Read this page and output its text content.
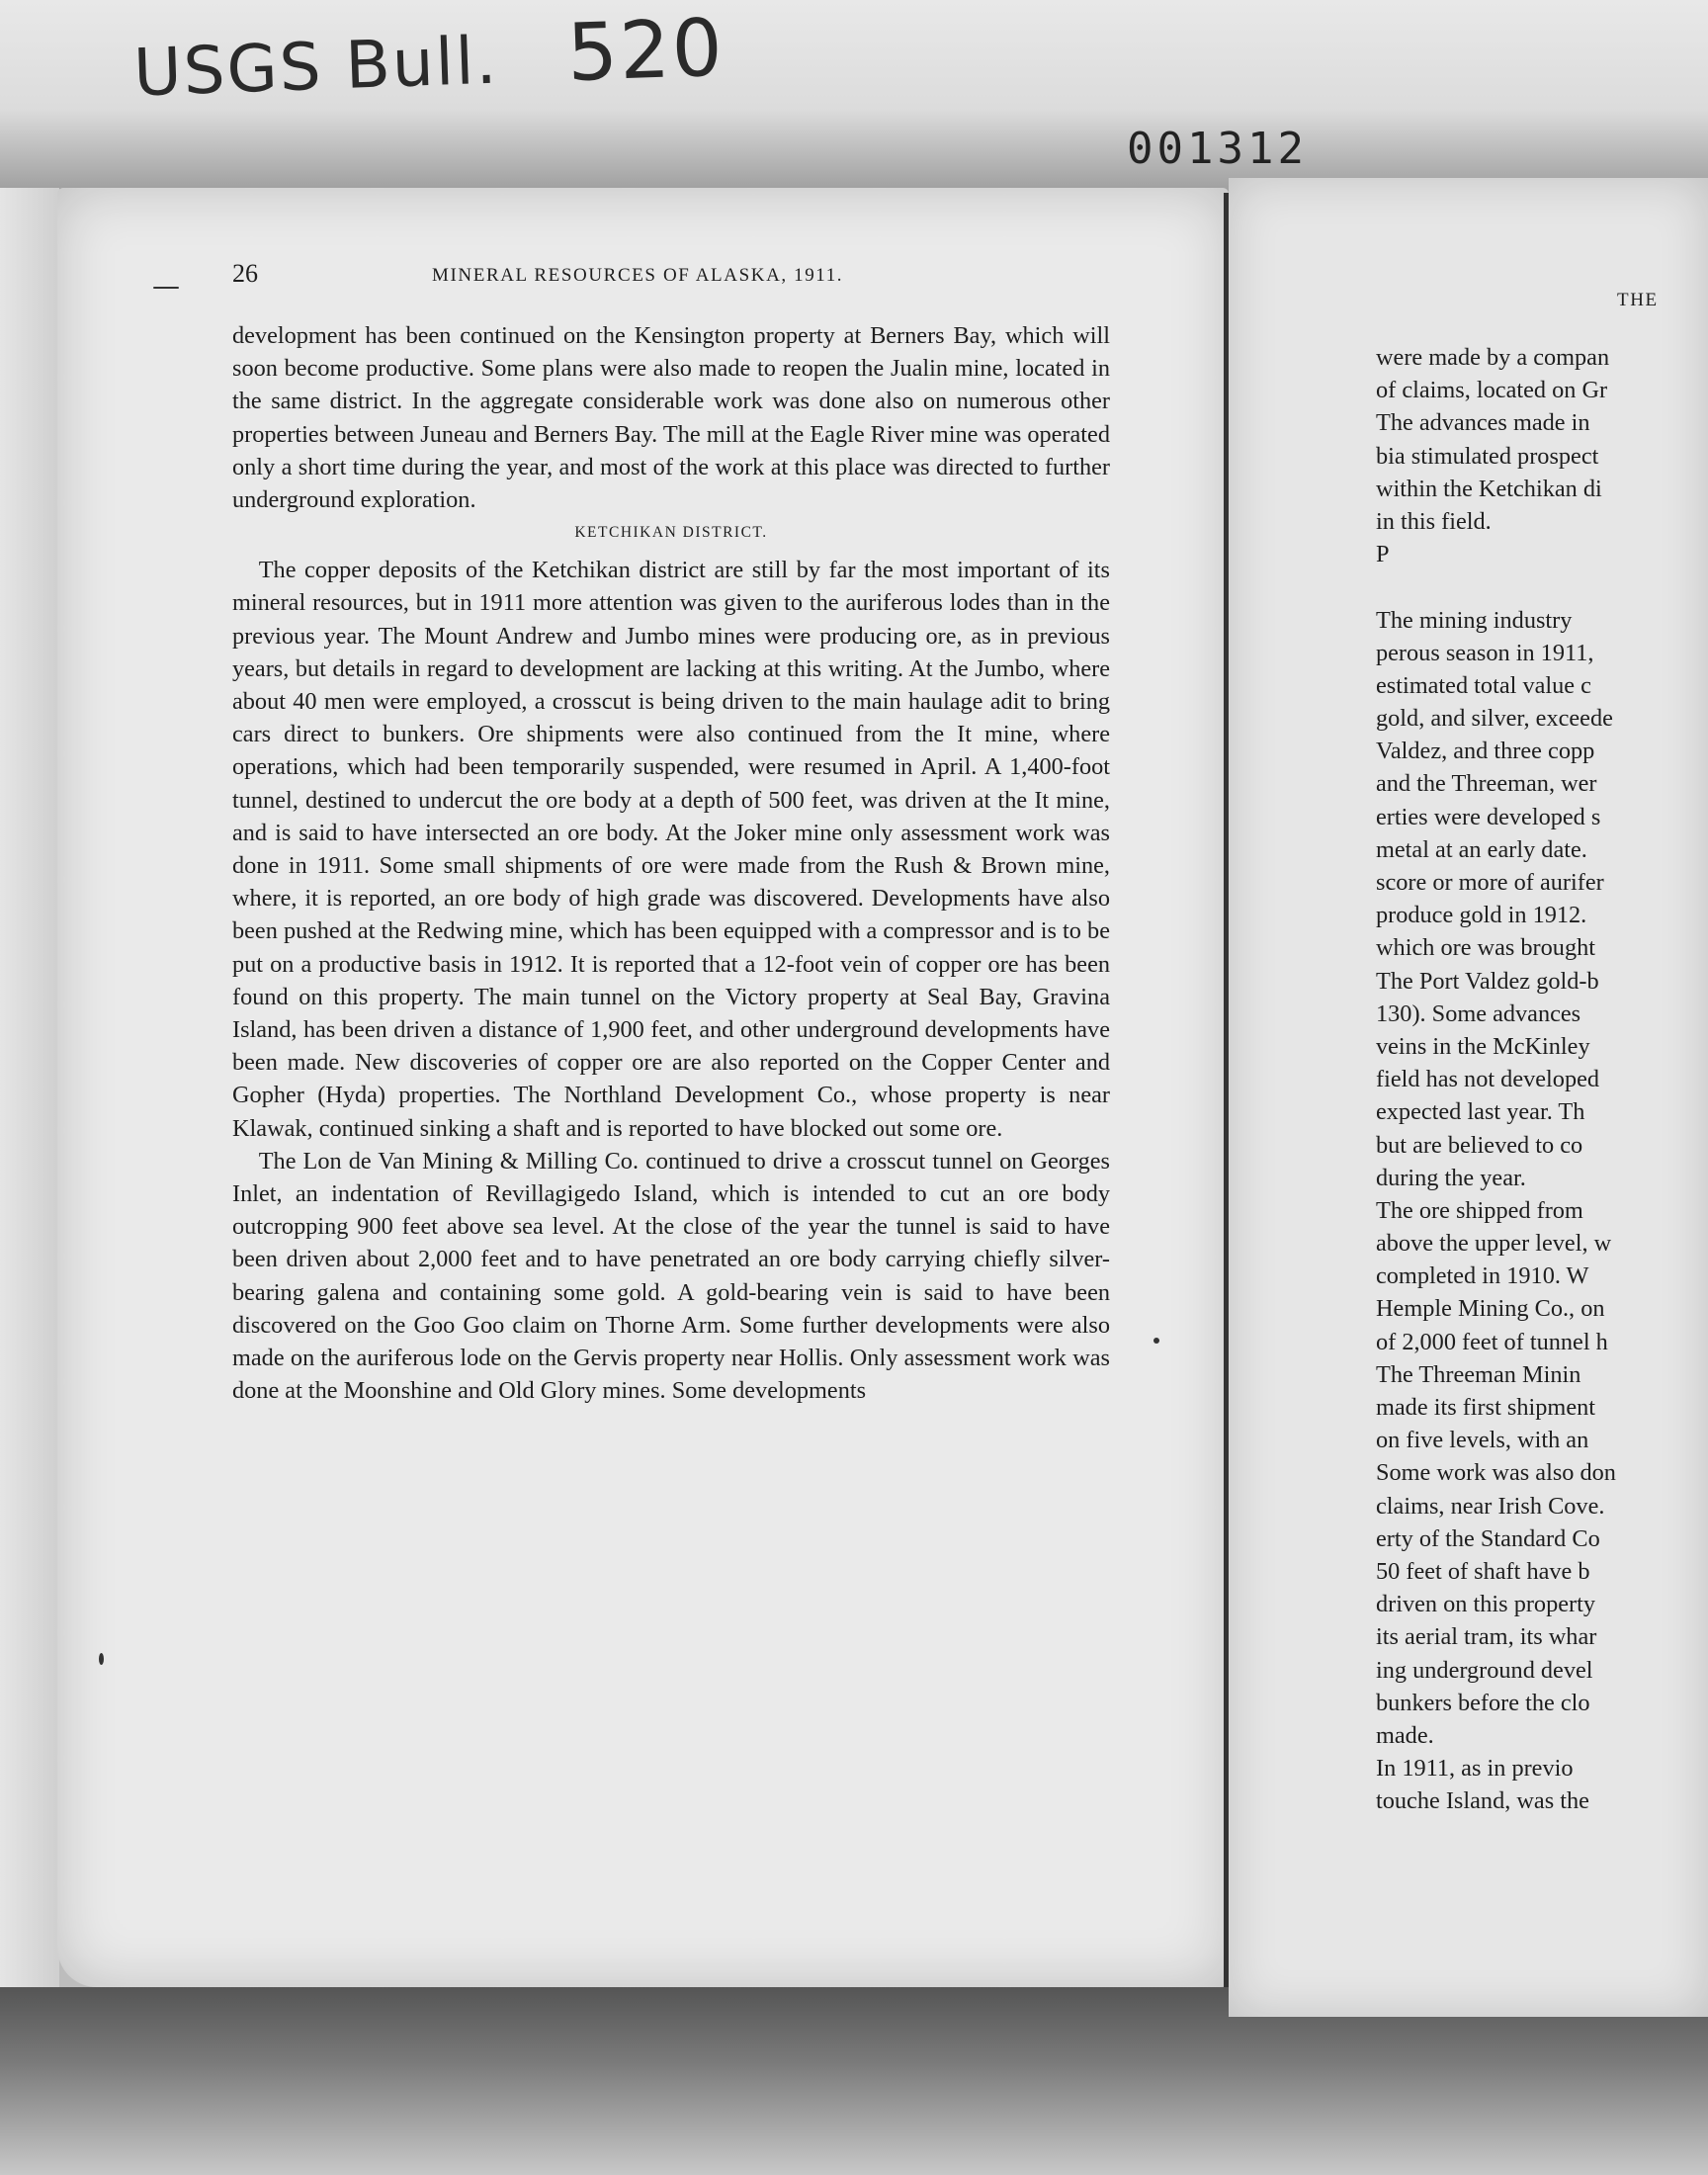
USGS Bull. 520
001312
26	MINERAL RESOURCES OF ALASKA, 1911.

development has been continued on the Kensington property at Berners Bay, which will soon become productive. Some plans were also made to reopen the Jualin mine, located in the same district. In the aggregate considerable work was done also on numerous other properties between Juneau and Berners Bay. The mill at the Eagle River mine was operated only a short time during the year, and most of the work at this place was directed to further underground exploration.

KETCHIKAN DISTRICT.

The copper deposits of the Ketchikan district are still by far the most important of its mineral resources, but in 1911 more attention was given to the auriferous lodes than in the previous year. The Mount Andrew and Jumbo mines were producing ore, as in previous years, but details in regard to development are lacking at this writing. At the Jumbo, where about 40 men were employed, a crosscut is being driven to the main haulage adit to bring cars direct to bunkers. Ore shipments were also continued from the It mine, where operations, which had been temporarily suspended, were resumed in April. A 1,400-foot tunnel, destined to undercut the ore body at a depth of 500 feet, was driven at the It mine, and is said to have intersected an ore body. At the Joker mine only assessment work was done in 1911. Some small shipments of ore were made from the Rush & Brown mine, where, it is reported, an ore body of high grade was discovered. Developments have also been pushed at the Redwing mine, which has been equipped with a compressor and is to be put on a productive basis in 1912. It is reported that a 12-foot vein of copper ore has been found on this property. The main tunnel on the Victory property at Seal Bay, Gravina Island, has been driven a distance of 1,900 feet, and other underground developments have been made. New discoveries of copper ore are also reported on the Copper Center and Gopher (Hyda) properties. The Northland Development Co., whose property is near Klawak, continued sinking a shaft and is reported to have blocked out some ore.

The Lon de Van Mining & Milling Co. continued to drive a crosscut tunnel on Georges Inlet, an indentation of Revillagigedo Island, which is intended to cut an ore body outcropping 900 feet above sea level. At the close of the year the tunnel is said to have been driven about 2,000 feet and to have penetrated an ore body carrying chiefly silver-bearing galena and containing some gold. A gold-bearing vein is said to have been discovered on the Goo Goo claim on Thorne Arm. Some further developments were also made on the auriferous lode on the Gervis property near Hollis. Only assessment work was done at the Moonshine and Old Glory mines. Some developments

THE
were made by a compan
of claims, located on Gr
The advances made in
bia stimulated prospect
within the Ketchikan di
in this field.
P
The mining industry
perous season in 1911,
estimated total value c
gold, and silver, exceede
Valdez, and three copp
and the Threeman, wer
erties were developed s
metal at an early date.
score or more of aurifer
produce gold in 1912.
which ore was brought
The Port Valdez gold-b
130). Some advances
veins in the McKinley
field has not developed
expected last year. Th
but are believed to co
during the year.
The ore shipped from
above the upper level, w
completed in 1910. W
Hemple Mining Co., on
of 2,000 feet of tunnel h
The Threeman Minin
made its first shipment
on five levels, with an
Some work was also don
claims, near Irish Cove.
erty of the Standard Co
50 feet of shaft have b
driven on this property
its aerial tram, its whar
ing underground devel
bunkers before the clo
made.
In 1911, as in previo
touche Island, was the
